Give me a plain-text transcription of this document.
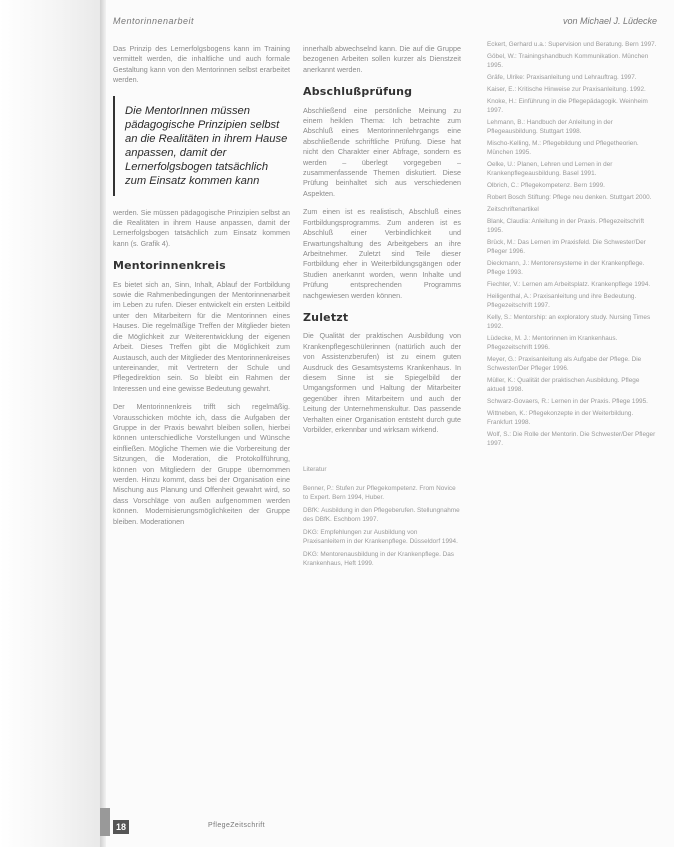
Mentorinnenarbeit	von Michael J. Lüdecke

Das Prinzip des Lernerfolgsbogens kann im Training vermittelt werden, die inhaltliche und auch formale Gestaltung kann von den Mentorinnen selbst erarbeitet werden.

Die MentorInnen müssen pädagogische Prinzipien selbst an die Realitäten in ihrem Hause anpassen, damit der Lernerfolgsbogen tatsächlich zum Einsatz kommen kann

werden. Sie müssen pädagogische Prinzipien selbst an die Realitäten in ihrem Hause anpassen, damit der Lernerfolgsbogen tatsächlich zum Einsatz kommen kann (s. Grafik 4).

Mentorinnenkreis

Es bietet sich an, Sinn, Inhalt, Ablauf der Fortbildung sowie die Rahmenbedingungen der Mentorinnenarbeit im Leben zu rufen. Dieser entwickelt ein ersten Leitbild unter den Mitarbeitern für die Mentorinnen eines Hauses. Die regelmäßige Treffen der Mitglieder bieten die Möglichkeit zur Weiterentwicklung der eigenen Arbeit. Dieses Treffen gibt die Möglichkeit zum Austausch, auch der Mitglieder des Mentorinnenkreises untereinander, mit Vertretern der Schule und Pflegedirektion sein. So bleibt ein Rahmen der Interessen und eine gewisse Bedeutung gewahrt.

Der Mentorinnenkreis trifft sich regelmäßig. Vorausschicken möchte ich, dass die Aufgaben der Gruppe in der Praxis bewahrt bleiben sollen, hierbei können unterschiedliche Vorstellungen und Wünsche einfließen. Mögliche Themen wie die Vorbereitung der Sitzungen, die Moderation, die Protokollführung, können von Mitgliedern der Gruppe übernommen werden. Hinzu kommt, dass bei der Organisation eine Mischung aus Planung und Offenheit gewahrt wird, so dass Vorschläge von außen aufgenommen werden können. Modernisierungsmöglichkeiten der Gruppe bleiben. Moderationen

innerhalb abwechselnd kann. Die auf die Gruppe bezogenen Arbeiten sollen kurzer als Dienstzeit anerkannt werden.

Abschlußprüfung

Abschließend eine persönliche Meinung zu einem heiklen Thema: Ich betrachte zum Abschluß eines Mentorinnenlehrgangs eine abschließende schriftliche Prüfung. Diese hat nicht den Charakter einer Abfrage, sondern es werden – überlegt vorgegeben – zusammenfassende Themen diskutiert. Diese Prüfung beinhaltet sich aus verschiedenen Aspekten.

Zum einen ist es realistisch, Abschluß eines Fortbildungsprogramms. Zum anderen ist es Abschluß einer Verbindlichkeit und Erwartungshaltung des Arbeitgebers an ihre Arbeitnehmer. Zuletzt sind Teile dieser Fortbildung eher in Weiterbildungsgängen oder Studien anerkannt worden, wenn Inhalte und Prüfung entsprechenden Programms nachgewiesen werden können.

Zuletzt

Die Qualität der praktischen Ausbildung von Krankenpflegeschülerinnen (natürlich auch der von Assistenzberufen) ist zu einem guten Ausdruck des Gesamtsystems Krankenhaus. In diesem Sinne ist sie Spiegelbild der Umgangsformen und Haltung der Mitarbeiter gegenüber ihren Mitarbeitern und auch der Leitung der Unternehmenskultur. Das passende Verhalten einer Organisation entsteht durch gute Vorbilder, erkennbar und wirksam wirkend.

Literatur

Benner, P.: Stufen zur Pflegekompetenz. From Novice to Expert. Bern 1994, Huber.

DBfK: Ausbildung in den Pflegeberufen. Stellungnahme des DBfK. Eschborn 1997.

DKG: Empfehlungen zur Ausbildung von Praxisanleitern in der Krankenpflege. Düsseldorf 1994.

DKG: Mentorenausbildung in der Krankenpflege. Das Krankenhaus, Heft 1999.

Eckert, Gerhard u.a.: Supervision und Beratung. Bern 1997.

Göbel, W.: Trainingshandbuch Kommunikation. München 1995.

Gräfe, Ulrike: Praxisanleitung und Lehrauftrag. 1997.

Kaiser, E.: Kritische Hinweise zur Praxisanleitung. 1992.

Knoke, H.: Einführung in die Pflegepädagogik. Weinheim 1997.

Lehmann, B.: Handbuch der Anleitung in der Pflegeausbildung. Stuttgart 1998.

Mischo-Kelling, M.: Pflegebildung und Pflegetheorien. München 1995.

Oelke, U.: Planen, Lehren und Lernen in der Krankenpflegeausbildung. Basel 1991.

Olbrich, C.: Pflegekompetenz. Bern 1999.

Robert Bosch Stiftung: Pflege neu denken. Stuttgart 2000.

Zeitschriftenartikel

Blank, Claudia: Anleitung in der Praxis. Pflegezeitschrift 1995.

Brück, M.: Das Lernen im Praxisfeld. Die Schwester/Der Pfleger 1996.

Dieckmann, J.: Mentorensysteme in der Krankenpflege. Pflege 1993.

Fiechter, V.: Lernen am Arbeitsplatz. Krankenpflege 1994.

Heiligenthal, A.: Praxisanleitung und ihre Bedeutung. Pflegezeitschrift 1997.

Kelly, S.: Mentorship: an exploratory study. Nursing Times 1992.

Lüdecke, M. J.: Mentorinnen im Krankenhaus. Pflegezeitschrift 1996.

Meyer, G.: Praxisanleitung als Aufgabe der Pflege. Die Schwester/Der Pfleger 1996.

Müller, K.: Qualität der praktischen Ausbildung. Pflege aktuell 1998.

Schwarz-Govaers, R.: Lernen in der Praxis. Pflege 1995.

Wittneben, K.: Pflegekonzepte in der Weiterbildung. Frankfurt 1998.

Wolf, S.: Die Rolle der Mentorin. Die Schwester/Der Pfleger 1997.

18	PflegeZeitschrift
